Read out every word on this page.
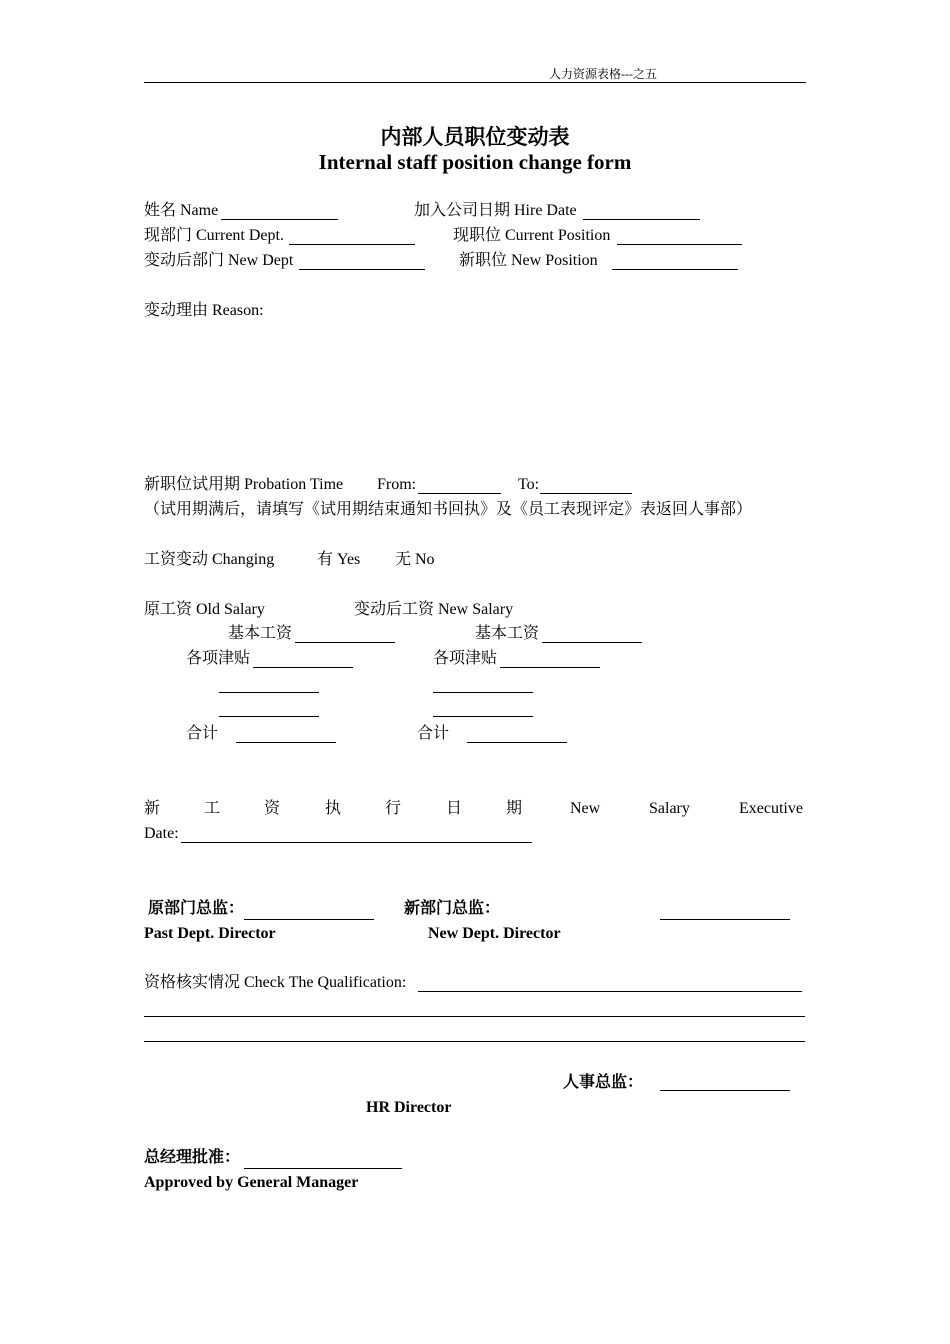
人力资源表格---之五
内部人员职位变动表
Internal staff position change form
姓名 Name	加入公司日期 Hire Date
现部门 Current Dept.	现职位 Current Position
变动后部门 New Dept	新职位 New Position
变动理由 Reason:
新职位试用期 Probation Time From:	To:
（试用期满后，请填写《试用期结束通知书回执》及《员工表现评定》表返回人事部）
工资变动 Changing	有 Yes 无 No
原工资 Old Salary	变动后工资 New Salary
基本工资	基本工资
各项津贴	各项津贴
合计	合计
新	工	资	执	行	日	期	New	Salary	Executive
Date:
原部门总监：	新部门总监：
Past Dept. Director	New Dept. Director
资格核实情况 Check The Qualification:
人事总监：
HR Director
总经理批准：
Approved by General Manager
